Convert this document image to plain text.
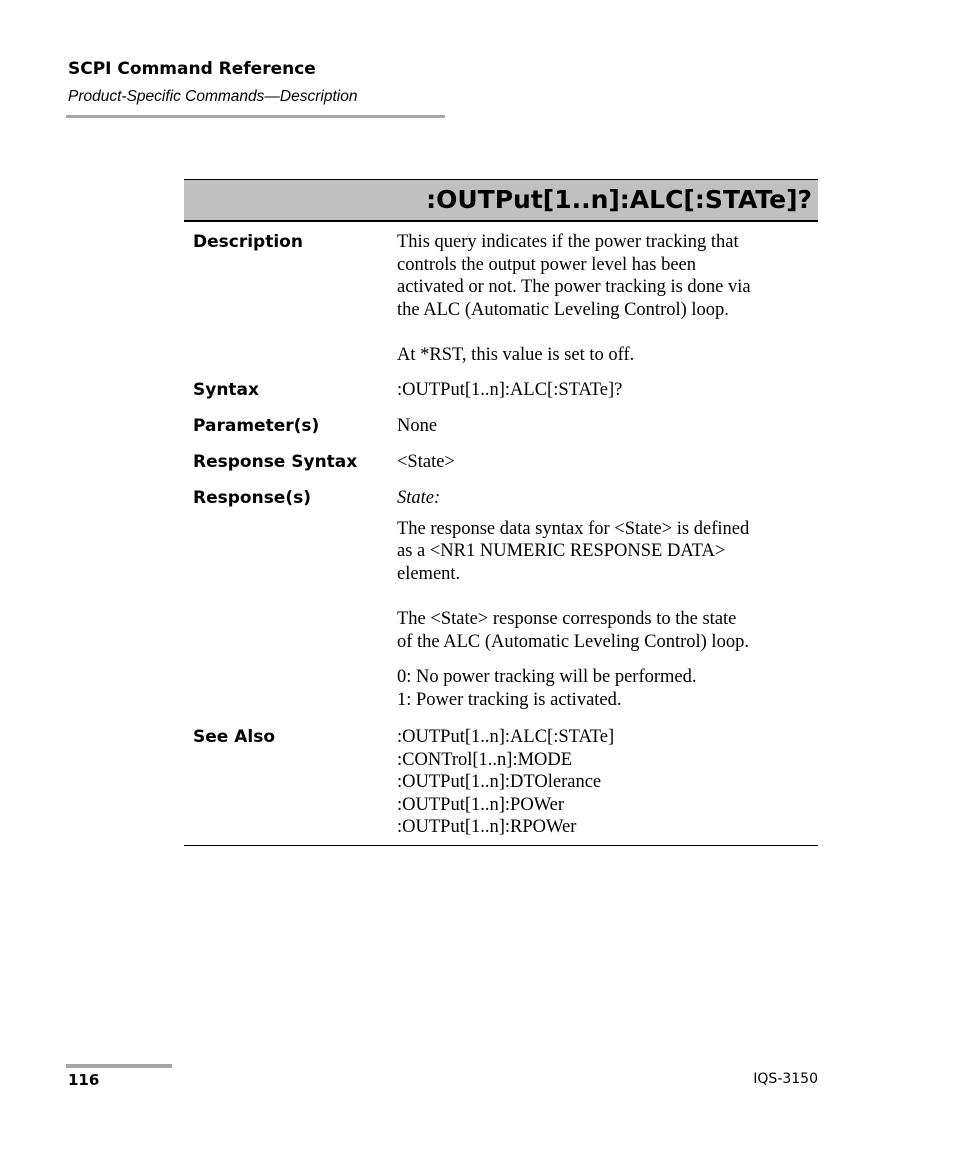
SCPI Command Reference
Product-Specific Commands—Description
:OUTPut[1..n]:ALC[:STATe]?
Description	This query indicates if the power tracking that

controls the output power level has been

activated or not. The power tracking is done via

the ALC (Automatic Leveling Control) loop.

At *RST, this value is set to off.

Syntax	:OUTPut[1..n]:ALC[:STATe]?
Parameter(s)	None
Response Syntax <State>
Response(s)	State:

The response data syntax for <State> is defined

as a <NR1 NUMERIC RESPONSE DATA>

element.

The <State> response corresponds to the state

of the ALC (Automatic Leveling Control) loop.

0: No power tracking will be performed.

1: Power tracking is activated.

See Also	:OUTPut[1..n]:ALC[:STATe]

:CONTrol[1..n]:MODE

:OUTPut[1..n]:DTOlerance

:OUTPut[1..n]:POWer

:OUTPut[1..n]:RPOWer

116	IQS-3150
